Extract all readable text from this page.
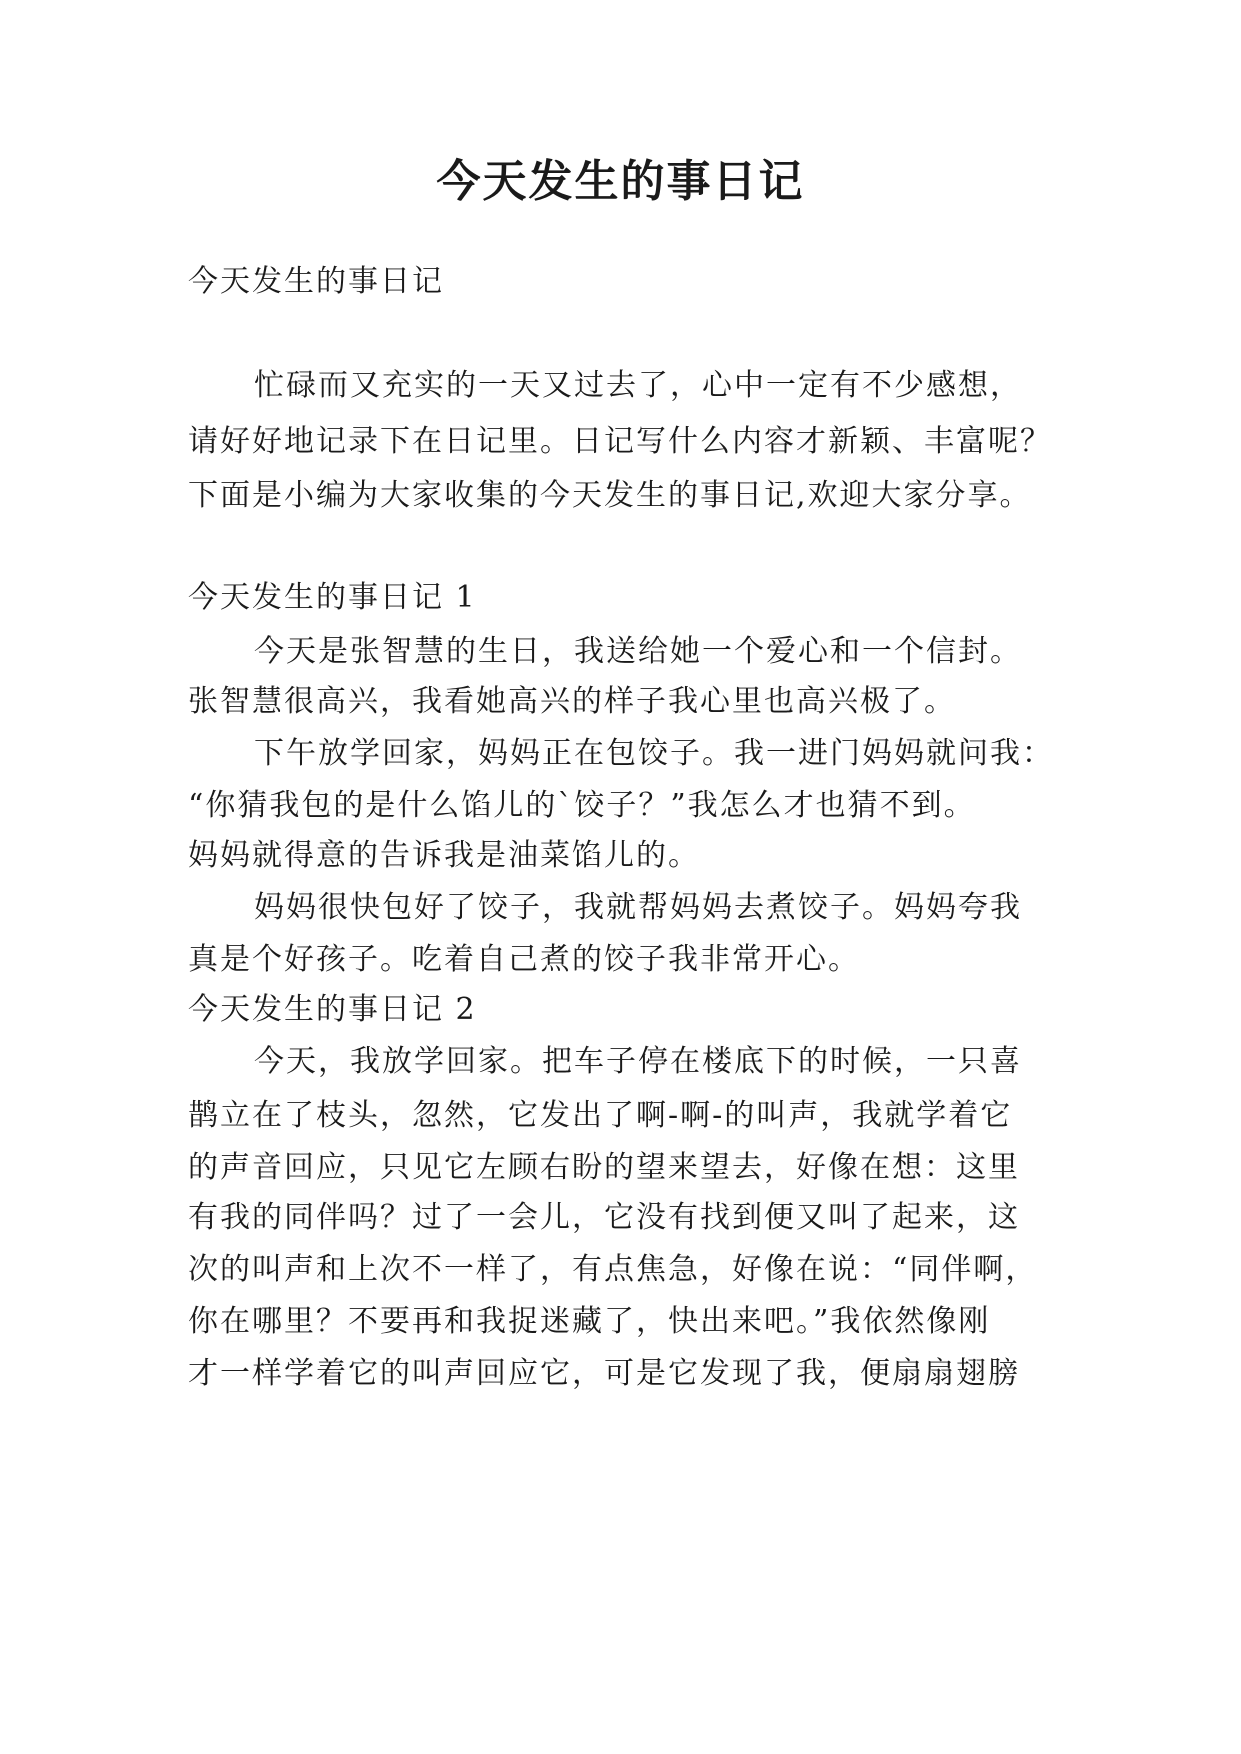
今天发生的事日记
今天发生的事日记
忙碌而又充实的一天又过去了，心中一定有不少感想，
请好好地记录下在日记里。日记写什么内容才新颖、丰富呢？
下面是小编为大家收集的今天发生的事日记,欢迎大家分享。
今天发生的事日记 1
今天是张智慧的生日，我送给她一个爱心和一个信封。
张智慧很高兴，我看她高兴的样子我心里也高兴极了。
下午放学回家，妈妈正在包饺子。我一进门妈妈就问我：
“你猜我包的是什么馅儿的`饺子？”我怎么才也猜不到。
妈妈就得意的告诉我是油菜馅儿的。
妈妈很快包好了饺子，我就帮妈妈去煮饺子。妈妈夸我
真是个好孩子。吃着自己煮的饺子我非常开心。
今天发生的事日记 2
今天，我放学回家。把车子停在楼底下的时候，一只喜
鹊立在了枝头，忽然，它发出了啊-啊-的叫声，我就学着它
的声音回应，只见它左顾右盼的望来望去，好像在想：这里
有我的同伴吗？过了一会儿，它没有找到便又叫了起来，这
次的叫声和上次不一样了，有点焦急，好像在说：“同伴啊，
你在哪里？不要再和我捉迷藏了，快出来吧。”我依然像刚
才一样学着它的叫声回应它，可是它发现了我，便扇扇翅膀
